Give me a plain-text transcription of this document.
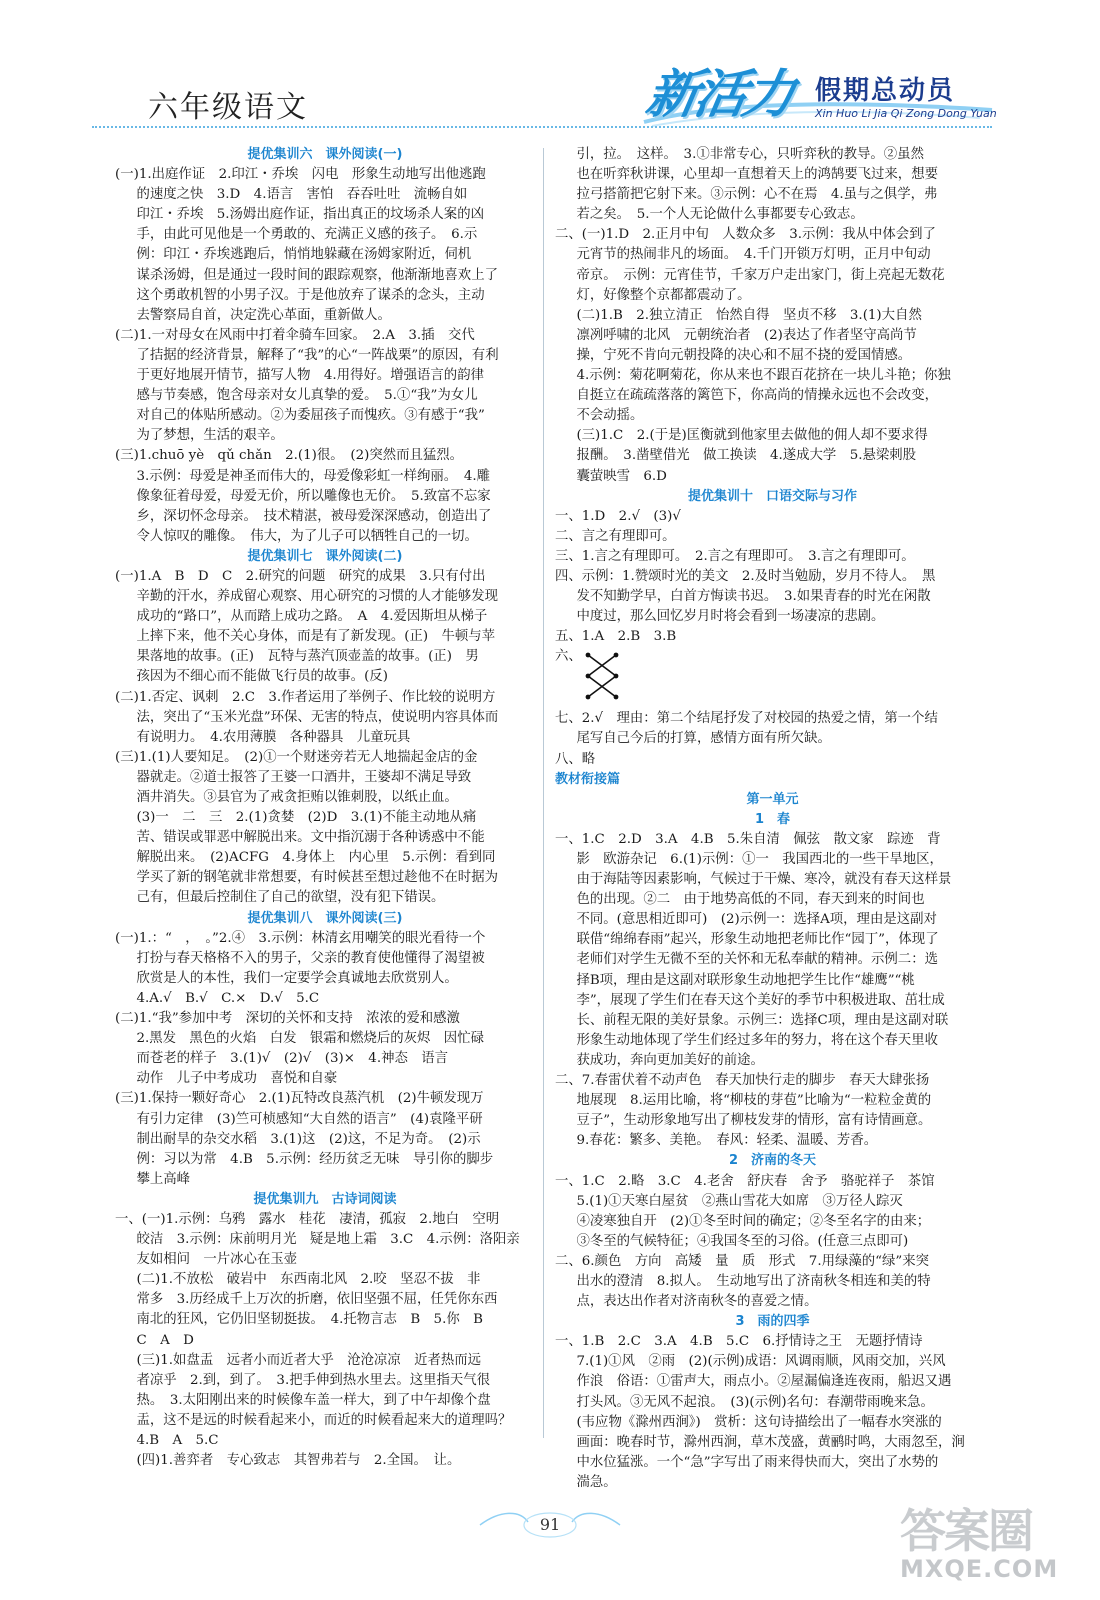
六年级语文	新活力 假期总动员
Xin Huo Li Jia Qi Zong Dong Yuan
提优集训六　课外阅读(一)
(一)1.出庭作证　2.印江・乔埃　闪电　形象生动地写出他逃跑
的速度之快　3.D　4.语言　害怕　吞吞吐吐　流畅自如
印江・乔埃　5.汤姆出庭作证，指出真正的坟场杀人案的凶
手，由此可见他是一个勇敢的、充满正义感的孩子。　6.示
例：印江・乔埃逃跑后，悄悄地躲藏在汤姆家附近，伺机
谋杀汤姆，但是通过一段时间的跟踪观察，他渐渐地喜欢上了
这个勇敢机智的小男子汉。于是他放弃了谋杀的念头，主动
去警察局自首，决定洗心革面，重新做人。
(二)1.一对母女在风雨中打着伞骑车回家。　2.A　3.插　交代
了拮据的经济背景，解释了“我”的心“一阵战栗”的原因，有利
于更好地展开情节，描写人物　4.用得好。增强语言的韵律
感与节奏感，饱含母亲对女儿真挚的爱。　5.①“我”为女儿
对自己的体贴所感动。②为委屈孩子而愧疚。③有感于“我”
为了梦想，生活的艰辛。
(三)1.chuō yè　qǔ chǎn　2.(1)很。　(2)突然而且猛烈。
3.示例：母爱是神圣而伟大的，母爱像彩虹一样绚丽。　4.雕
像象征着母爱，母爱无价，所以雕像也无价。　5.致富不忘家
乡，深切怀念母亲。　技术精湛，被母爱深深感动，创造出了
令人惊叹的雕像。　伟大，为了儿子可以牺牲自己的一切。
提优集训七　课外阅读(二)
(一)1.A　B　D　C　2.研究的问题　研究的成果　3.只有付出
辛勤的汗水，养成留心观察、用心研究的习惯的人才能够发现
成功的“路口”，从而踏上成功之路。　A　4.爱因斯坦从梯子
上摔下来，他不关心身体，而是有了新发现。(正)　牛顿与苹
果落地的故事。(正)　瓦特与蒸汽顶壶盖的故事。(正)　男
孩因为不细心而不能做飞行员的故事。(反)
(二)1.否定、讽刺　2.C　3.作者运用了举例子、作比较的说明方
法，突出了“玉米光盘”环保、无害的特点，使说明内容具体而
有说明力。　4.农用薄膜　各种器具　儿童玩具
(三)1.(1)人要知足。　(2)①一个财迷旁若无人地揣起金店的金
器就走。②道士报答了王婆一口酒井，王婆却不满足导致
酒井消失。③县官为了戒贪拒贿以锥刺股，以纸止血。
(3)一　二　三　2.(1)贪婪　(2)D　3.(1)不能主动地从痛
苦、错误或罪恶中解脱出来。文中指沉溺于各种诱惑中不能
解脱出来。　(2)ACFG　4.身体上　内心里　5.示例：看到同
学买了新的钢笔就非常想要，有时候甚至想过趁他不在时据为
己有，但最后控制住了自己的欲望，没有犯下错误。
提优集训八　课外阅读(三)
(一)1.：“　，　。”2.④　3.示例：林清玄用嘲笑的眼光看待一个
打扮与春天格格不入的男子，父亲的教育使他懂得了渴望被
欣赏是人的本性，我们一定要学会真诚地去欣赏别人。
4.A.√　B.√　C.×　D.√　5.C
(二)1.“我”参加中考　深切的关怀和支持　浓浓的爱和感激
2.黑发　黑色的火焰　白发　银霜和燃烧后的灰烬　因忙碌
而苍老的样子　3.(1)√　(2)√　(3)×　4.神态　语言
动作　儿子中考成功　喜悦和自豪
(三)1.保持一颗好奇心　2.(1)瓦特改良蒸汽机　(2)牛顿发现万
有引力定律　(3)竺可桢感知“大自然的语言”　(4)袁隆平研
制出耐旱的杂交水稻　3.(1)这　(2)这，不足为奇。　(2)示
例：习以为常　4.B　5.示例：经历贫乏无味　导引你的脚步
攀上高峰
提优集训九　古诗词阅读
一、(一)1.示例：乌鸦　露水　桂花　凄清，孤寂　2.地白　空明
皎洁　3.示例：床前明月光　疑是地上霜　3.C　4.示例：洛阳亲
友如相问　一片冰心在玉壶
(二)1.不放松　破岩中　东西南北风　2.咬　坚忍不拔　非
常多　3.历经成千上万次的折磨，依旧坚强不屈，任凭你东西
南北的狂风，它仍旧坚韧挺拔。　4.托物言志　B　5.你　B
C　A　D
(三)1.如盘盂　远者小而近者大乎　沧沧凉凉　近者热而远
者凉乎　2.到，到了。　3.把手伸到热水里去。这里指天气很
热。　3.太阳刚出来的时候像车盖一样大，到了中午却像个盘
盂，这不是远的时候看起来小，而近的时候看起来大的道理吗？
4.B　A　5.C
(四)1.善弈者　专心致志　其智弗若与　2.全国。　让。
引，拉。　这样。　3.①非常专心，只听弈秋的教导。②虽然
也在听弈秋讲课，心里却一直想着天上的鸿鹄要飞过来，想要
拉弓搭箭把它射下来。③示例：心不在焉　4.虽与之俱学，弗
若之矣。　5.一个人无论做什么事都要专心致志。
二、(一)1.D　2.正月中旬　人数众多　3.示例：我从中体会到了
元宵节的热闹非凡的场面。　4.千门开锁万灯明，正月中旬动
帝京。　示例：元宵佳节，千家万户走出家门，街上亮起无数花
灯，好像整个京都都震动了。
(二)1.B　2.独立清正　怡然自得　坚贞不移　3.(1)大自然
凛冽呼啸的北风　元朝统治者　(2)表达了作者坚守高尚节
操，宁死不肯向元朝投降的决心和不屈不挠的爱国情感。
4.示例：菊花啊菊花，你从来也不跟百花挤在一块儿斗艳；你独
自挺立在疏疏落落的篱笆下，你高尚的情操永远也不会改变，
不会动摇。
(三)1.C　2.(于是)匡衡就到他家里去做他的佣人却不要求得
报酬。　3.凿壁借光　做工换读　4.遂成大学　5.悬梁刺股
囊萤映雪　6.D
提优集训十　口语交际与习作
一、1.D　2.√　(3)√
二、言之有理即可。
三、1.言之有理即可。　2.言之有理即可。　3.言之有理即可。
四、示例：1.赞颂时光的美文　2.及时当勉励，岁月不待人。　黑
发不知勤学早，白首方悔读书迟。　3.如果青春的时光在闲散
中度过，那么回忆岁月时将会看到一场凄凉的悲剧。
五、1.A　2.B　3.B
六、
七、2.√　理由：第二个结尾抒发了对校园的热爱之情，第一个结
尾写自己今后的打算，感情方面有所欠缺。
八、略
教材衔接篇
第一单元
1　春
一、1.C　2.D　3.A　4.B　5.朱自清　佩弦　散文家　踪迹　背
影　欧游杂记　6.(1)示例：①一　我国西北的一些干旱地区，
由于海陆等因素影响，气候过于干燥、寒冷，就没有春天这样景
色的出现。②二　由于地势高低的不同，春天到来的时间也
不同。(意思相近即可)　(2)示例一：选择A项，理由是这副对
联借“绵绵春雨”起兴，形象生动地把老师比作“园丁”，体现了
老师们对学生无微不至的关怀和无私奉献的精神。示例二：选
择B项，理由是这副对联形象生动地把学生比作“雄鹰”“桃
李”，展现了学生们在春天这个美好的季节中积极进取、茁壮成
长、前程无限的美好景象。示例三：选择C项，理由是这副对联
形象生动地体现了学生们经过多年的努力，将在这个春天里收
获成功，奔向更加美好的前途。
二、7.春雷伏着不动声色　春天加快行走的脚步　春天大肆张扬
地展现　8.运用比喻，将“柳枝的芽苞”比喻为“一粒粒金黄的
豆子”，生动形象地写出了柳枝发芽的情形，富有诗情画意。
9.春花：繁多、美艳。　春风：轻柔、温暖、芳香。
2　济南的冬天
一、1.C　2.略　3.C　4.老舍　舒庆春　舍予　骆驼祥子　茶馆
5.(1)①天寒白屋贫　②燕山雪花大如席　③万径人踪灭
④凌寒独自开　(2)①冬至时间的确定；②冬至名字的由来；
③冬至的气候特征；④我国冬至的习俗。(任意三点即可)
二、6.颜色　方向　高矮　量　质　形式　7.用绿藻的“绿”来突
出水的澄清　8.拟人。　生动地写出了济南秋冬相连和美的特
点，表达出作者对济南秋冬的喜爱之情。
3　雨的四季
一、1.B　2.C　3.A　4.B　5.C　6.抒情诗之王　无题抒情诗
7.(1)①风　②雨　(2)(示例)成语：风调雨顺，风雨交加，兴风
作浪　俗语：①雷声大，雨点小。②屋漏偏逢连夜雨，船迟又遇
打头风。③无风不起浪。　(3)(示例)名句：春潮带雨晚来急。
(韦应物《滁州西涧》)　赏析：这句诗描绘出了一幅春水突涨的
画面：晚春时节，滁州西涧，草木茂盛，黄鹂时鸣，大雨忽至，涧
中水位猛涨。一个“急”字写出了雨来得快而大，突出了水势的
湍急。
91	答案圈
MXQE.COM
